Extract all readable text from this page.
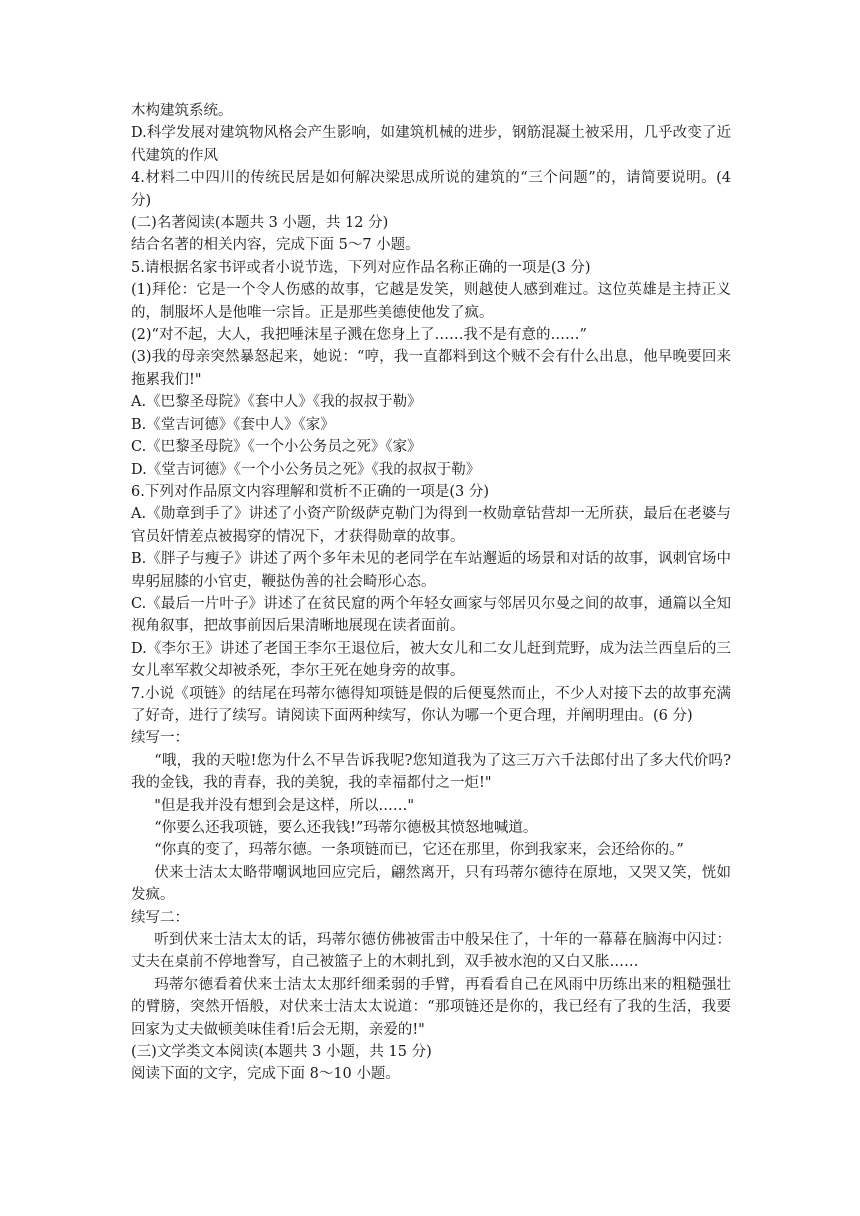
木构建筑系统。

D.科学发展对建筑物风格会产生影响，如建筑机械的进步，钢筋混凝土被采用，几乎改变了近代建筑的作风

4.材料二中四川的传统民居是如何解决梁思成所说的建筑的“三个问题”的，请简要说明。(4 分)

(二)名著阅读(本题共 3 小题，共 12 分)

结合名著的相关内容，完成下面 5～7 小题。

5.请根据名家书评或者小说节选，下列对应作品名称正确的一项是(3 分)

(1)拜伦：它是一个令人伤感的故事，它越是发笑，则越使人感到难过。这位英雄是主持正义的，制服坏人是他唯一宗旨。正是那些美德使他发了疯。

(2)“对不起，大人，我把唾沫星子溅在您身上了……我不是有意的……”

(3)我的母亲突然暴怒起来，她说：“哼，我一直都料到这个贼不会有什么出息，他早晚要回来拖累我们!"

A.《巴黎圣母院》《套中人》《我的叔叔于勒》

B.《堂吉诃德》《套中人》《家》

C.《巴黎圣母院》《一个小公务员之死》《家》

D.《堂吉诃德》《一个小公务员之死》《我的叔叔于勒》

6.下列对作品原文内容理解和赏析不正确的一项是(3 分)

A.《勋章到手了》讲述了小资产阶级萨克勒门为得到一枚勋章钻营却一无所获，最后在老婆与官员奸情差点被揭穿的情况下，才获得勋章的故事。

B.《胖子与瘦子》讲述了两个多年未见的老同学在车站邂逅的场景和对话的故事，讽刺官场中卑躬屈膝的小官吏，鞭挞伪善的社会畸形心态。

C.《最后一片叶子》讲述了在贫民窟的两个年轻女画家与邻居贝尔曼之间的故事，通篇以全知视角叙事，把故事前因后果清晰地展现在读者面前。

D.《李尔王》讲述了老国王李尔王退位后，被大女儿和二女儿赶到荒野，成为法兰西皇后的三女儿率军救父却被杀死，李尔王死在她身旁的故事。

7.小说《项链》的结尾在玛蒂尔德得知项链是假的后便戛然而止，不少人对接下去的故事充满了好奇，进行了续写。请阅读下面两种续写，你认为哪一个更合理，并阐明理由。(6 分)

续写一：

“哦，我的天啦!您为什么不早告诉我呢?您知道我为了这三万六千法郎付出了多大代价吗?我的金钱，我的青春，我的美貌，我的幸福都付之一炬!"

"但是我并没有想到会是这样，所以……"

“你要么还我项链，要么还我钱!”玛蒂尔德极其愤怒地喊道。

“你真的变了，玛蒂尔德。一条项链而已，它还在那里，你到我家来，会还给你的。”

伏来士洁太太略带嘲讽地回应完后，翩然离开，只有玛蒂尔德待在原地，又哭又笑，恍如发疯。

续写二：

听到伏来士洁太太的话，玛蒂尔德仿佛被雷击中般呆住了，十年的一幕幕在脑海中闪过：丈夫在桌前不停地誊写，自己被篮子上的木刺扎到，双手被水泡的又白又胀……

玛蒂尔德看着伏来士洁太太那纤细柔弱的手臂，再看看自己在风雨中历练出来的粗糙强壮的臂膀，突然开悟般，对伏来士洁太太说道：“那项链还是你的，我已经有了我的生活，我要回家为丈夫做顿美味佳肴!后会无期，亲爱的!"

(三)文学类文本阅读(本题共 3 小题，共 15 分)

阅读下面的文字，完成下面 8～10 小题。
